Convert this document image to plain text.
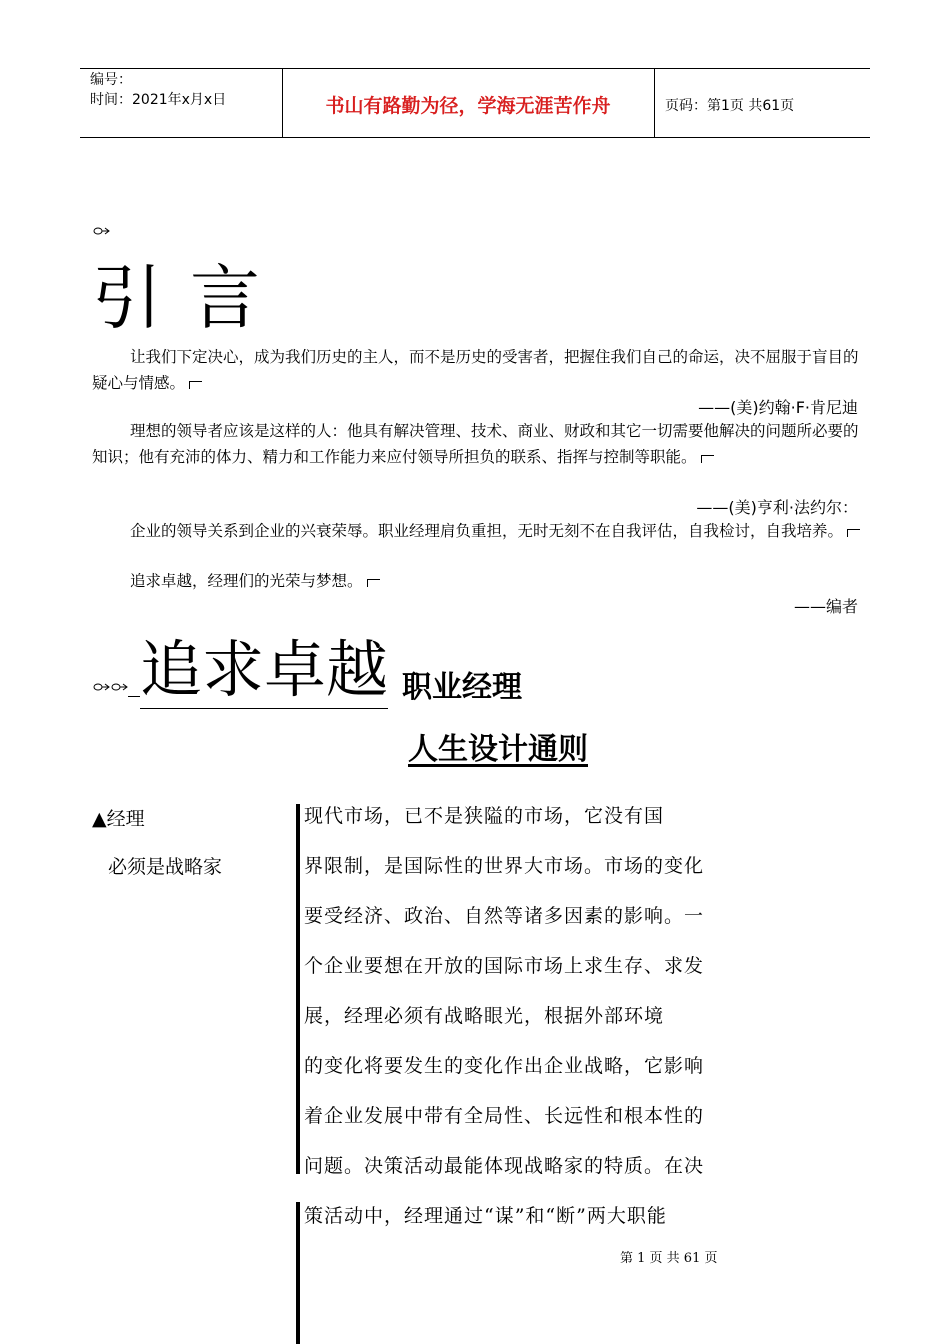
编号：
时间：2021年x月x日	书山有路勤为径，学海无涯苦作舟	页码：第1页 共61页
引言
让我们下定决心，成为我们历史的主人，而不是历史的受害者，把握住我们自己的命运，决不屈服于盲目的疑心与情感。
——(美)约翰·F·肯尼迪
理想的领导者应该是这样的人：他具有解决管理、技术、商业、财政和其它一切需要他解决的问题所必要的知识；他有充沛的体力、精力和工作能力来应付领导所担负的联系、指挥与控制等职能。
——(美)亨利·法约尔：
企业的领导关系到企业的兴衰荣辱。职业经理肩负重担，无时无刻不在自我评估，自我检讨，自我培养。
追求卓越，经理们的光荣与梦想。
——编者
追求卓越 职业经理
人生设计通则
▲经理
必须是战略家
现代市场，已不是狭隘的市场，它没有国
界限制，是国际性的世界大市场。市场的变化
要受经济、政治、自然等诸多因素的影响。一
个企业要想在开放的国际市场上求生存、求发
展，经理必须有战略眼光，根据外部环境
的变化将要发生的变化作出企业战略，它影响
着企业发展中带有全局性、长远性和根本性的
问题。决策活动最能体现战略家的特质。在决
策活动中，经理通过“谋”和“断”两大职能
第 1 页 共 61 页
